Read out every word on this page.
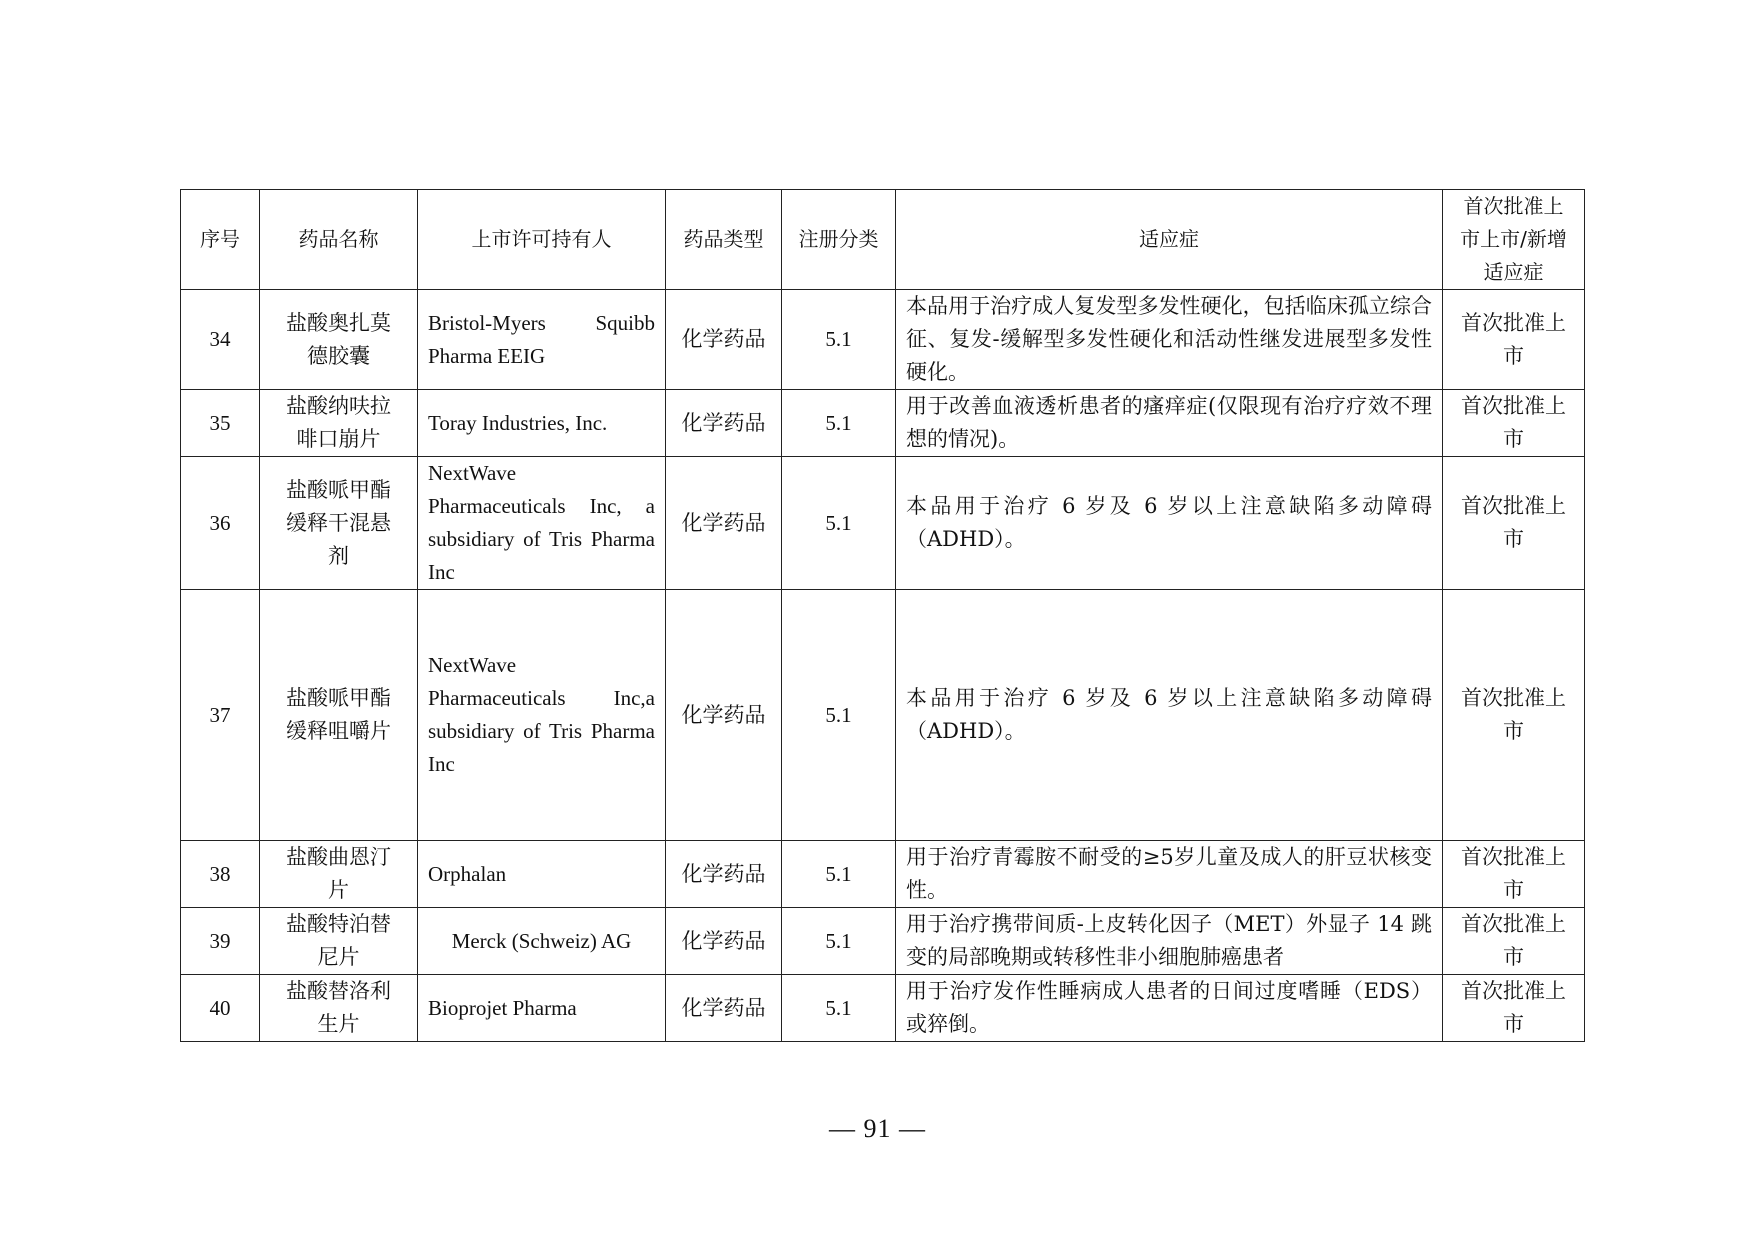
序号	药品名称	上市许可持有人	药品类型	注册分类	适应症	首次批准上市上市/新增适应症
34	盐酸奥扎莫德胶囊	Bristol-Myers Squibb Pharma EEIG	化学药品	5.1	本品用于治疗成人复发型多发性硬化，包括临床孤立综合征、复发-缓解型多发性硬化和活动性继发进展型多发性硬化。	首次批准上市
35	盐酸纳呋拉啡口崩片	Toray Industries, Inc.	化学药品	5.1	用于改善血液透析患者的瘙痒症(仅限现有治疗疗效不理想的情况)。	首次批准上市
36	盐酸哌甲酯缓释干混悬剂	NextWave Pharmaceuticals Inc, a subsidiary of Tris Pharma Inc	化学药品	5.1	本品用于治疗 6 岁及 6 岁以上注意缺陷多动障碍（ADHD）。	首次批准上市
37	盐酸哌甲酯缓释咀嚼片	NextWave Pharmaceuticals Inc,a subsidiary of Tris Pharma Inc	化学药品	5.1	本品用于治疗 6 岁及 6 岁以上注意缺陷多动障碍（ADHD）。	首次批准上市
38	盐酸曲恩汀片	Orphalan	化学药品	5.1	用于治疗青霉胺不耐受的≥5岁儿童及成人的肝豆状核变性。	首次批准上市
39	盐酸特泊替尼片	Merck (Schweiz) AG	化学药品	5.1	用于治疗携带间质-上皮转化因子（MET）外显子 14 跳变的局部晚期或转移性非小细胞肺癌患者	首次批准上市
40	盐酸替洛利生片	Bioprojet Pharma	化学药品	5.1	用于治疗发作性睡病成人患者的日间过度嗜睡（EDS）或猝倒。	首次批准上市
— 91 —
